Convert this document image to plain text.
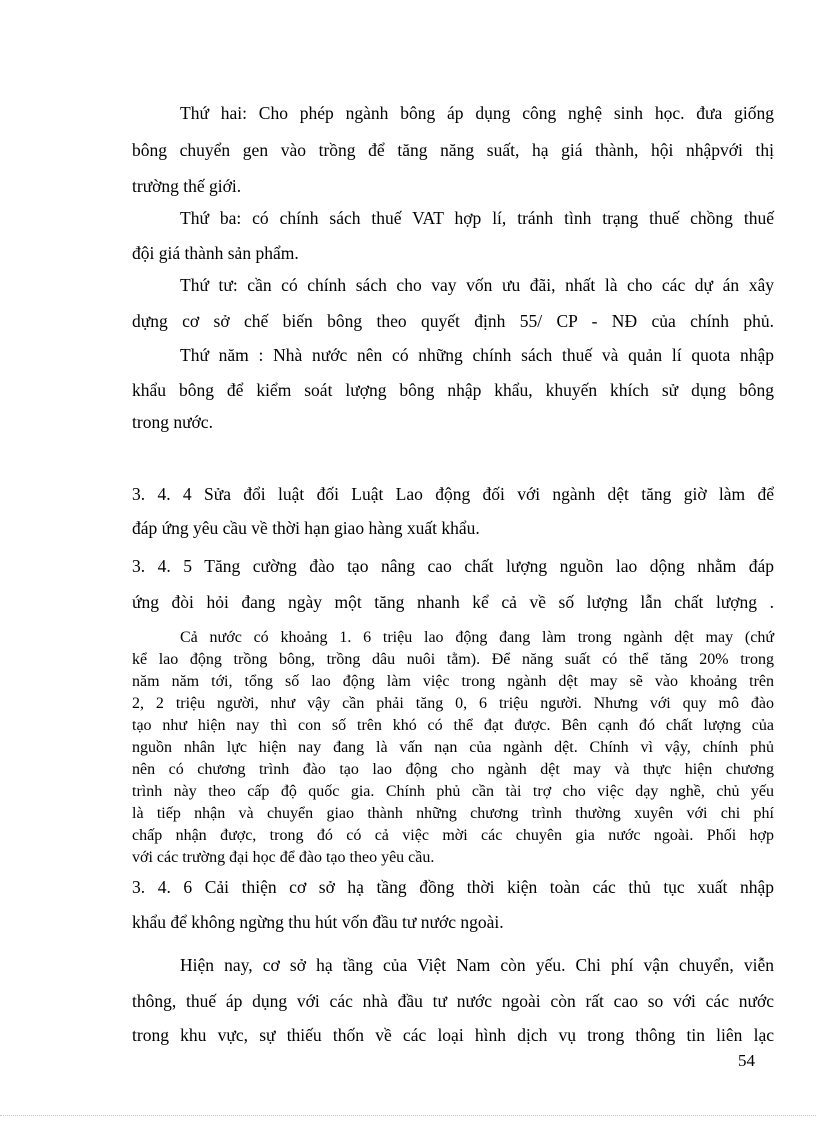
Thứ hai: Cho phép ngành bông áp dụng công nghệ sinh học. đưa giống

bông chuyển gen vào trồng để tăng năng suất, hạ giá thành, hội nhậpvới thị

trường thế giới.

Thứ ba: có chính sách thuế VAT hợp lí, tránh tình trạng thuế chồng thuế

đội giá thành sản phẩm.

Thứ tư: cần có chính sách cho vay vốn ưu đãi, nhất là cho các dự án xây

dựng cơ sở chế biến bông theo quyết định 55/ CP - NĐ của chính phủ.

Thứ năm : Nhà nước nên có những chính sách thuế và quản lí quota nhập

khẩu bông để kiểm soát lượng bông nhập khẩu, khuyến khích sử dụng bông

trong nước.

3. 4. 4 Sửa đổi luật đối Luật Lao động đối với ngành dệt tăng giờ làm để

đáp ứng yêu cầu về thời hạn giao hàng xuất khẩu.

3. 4. 5 Tăng cường đào tạo nâng cao chất lượng nguồn lao dộng nhằm đáp

ứng đòi hỏi đang ngày một tăng nhanh kể cả về số lượng lẫn chất lượng .

Cả nước có khoảng 1. 6 triệu lao động đang làm trong ngành dệt may (chứ

kể lao động trồng bông, trồng dâu nuôi tằm). Để năng suất có thể tăng 20% trong

năm năm tới, tổng số lao động làm việc trong ngành dệt may sẽ vào khoảng trên

2, 2 triệu người, như vậy cần phải tăng 0, 6 triệu người. Nhưng với quy mô đào

tạo như hiện nay thì con số trên khó có thể đạt được. Bên cạnh đó chất lượng của

nguồn nhân lực hiện nay đang là vấn nạn của ngành dệt. Chính vì vậy, chính phủ

nên có chương trình đào tạo lao động cho ngành dệt may và thực hiện chương

trình này theo cấp độ quốc gia. Chính phủ cần tài trợ cho việc dạy nghề, chủ yếu

là tiếp nhận và chuyển giao thành những chương trình thường xuyên với chi phí

chấp nhận được, trong đó có cả việc mời các chuyên gia nước ngoài. Phối hợp

với các trường đại học để đào tạo theo yêu cầu.

3. 4. 6 Cải thiện cơ sở hạ tầng đồng thời kiện toàn các thủ tục xuất nhập

khẩu để không ngừng thu hút vốn đầu tư nước ngoài.

Hiện nay, cơ sở hạ tầng của Việt Nam còn yếu. Chi phí vận chuyển, viễn

thông, thuế áp dụng với các nhà đầu tư nước ngoài còn rất cao so với các nước

trong khu vực, sự thiếu thốn về các loại hình dịch vụ trong thông tin liên lạc

54
